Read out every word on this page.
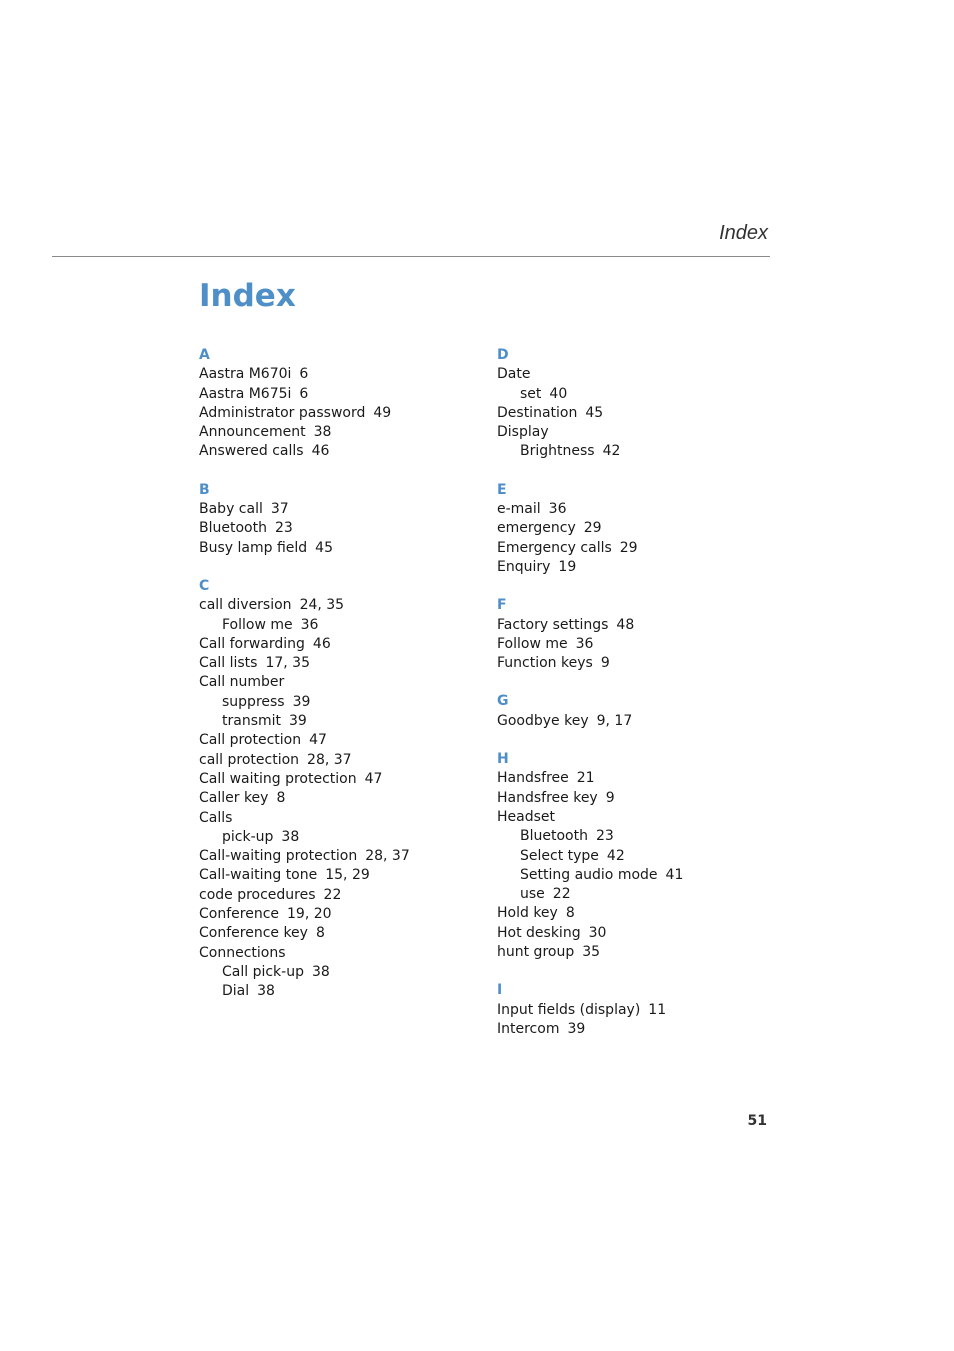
Index
Index
A
Aastra M670i 6
Aastra M675i 6
Administrator password 49
Announcement 38
Answered calls 46
B
Baby call 37
Bluetooth 23
Busy lamp field 45
C
call diversion 24, 35
Follow me 36
Call forwarding 46
Call lists 17, 35
Call number
suppress 39
transmit 39
Call protection 47
call protection 28, 37
Call waiting protection 47
Caller key 8
Calls
pick-up 38
Call-waiting protection 28, 37
Call-waiting tone 15, 29
code procedures 22
Conference 19, 20
Conference key 8
Connections
Call pick-up 38
Dial 38
D
Date
set 40
Destination 45
Display
Brightness 42
E
e-mail 36
emergency 29
Emergency calls 29
Enquiry 19
F
Factory settings 48
Follow me 36
Function keys 9
G
Goodbye key 9, 17
H
Handsfree 21
Handsfree key 9
Headset
Bluetooth 23
Select type 42
Setting audio mode 41
use 22
Hold key 8
Hot desking 30
hunt group 35
I
Input fields (display) 11
Intercom 39
51
